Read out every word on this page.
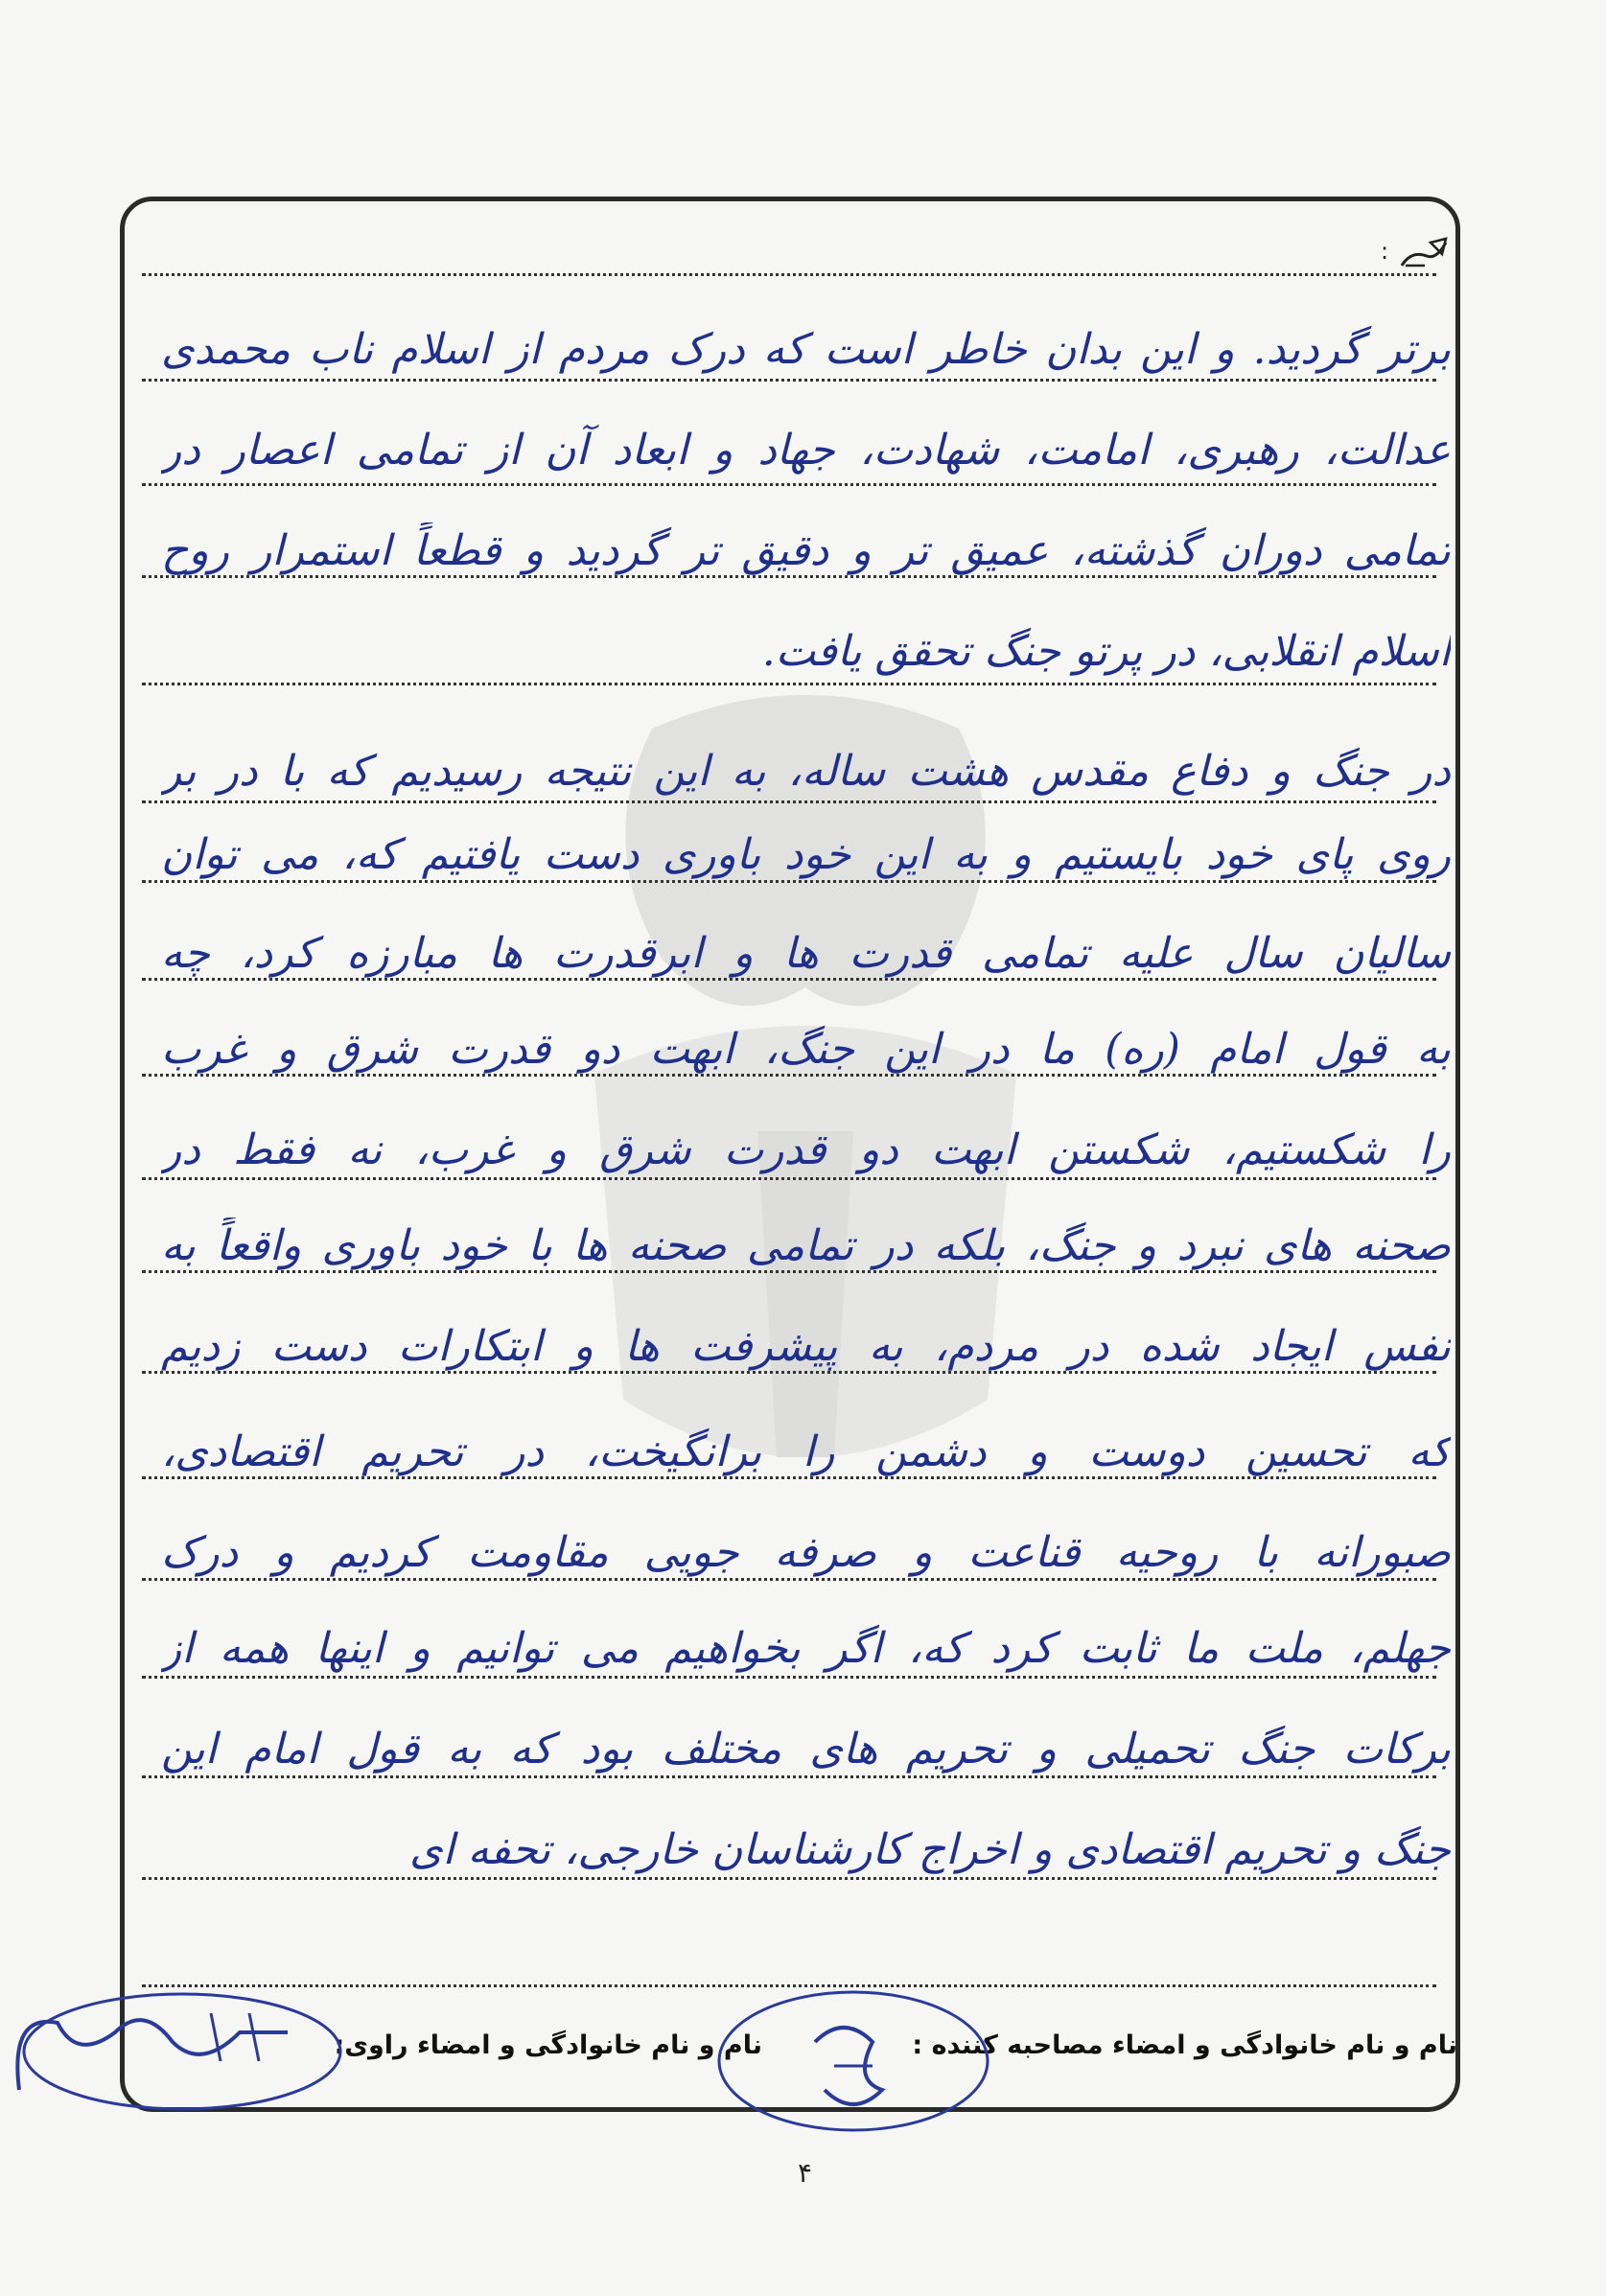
:
برتر گردید. و این بدان خاطر است که درک مردم از اسلام ناب محمدی
عدالت، رهبری، امامت، شهادت، جهاد و ابعاد آن از تمامی اعصار در
تمامی دوران گذشته، عمیق تر و دقیق تر گردید و قطعاً استمرار روح
اسلام انقلابی، در پرتو جنگ تحقق یافت.
در جنگ و دفاع مقدس هشت ساله، به این نتیجه رسیدیم که با در بر
روی پای خود بایستیم و به این خود باوری دست یافتیم که، می توان
سالیان سال علیه تمامی قدرت ها و ابرقدرت ها مبارزه کرد، چه
به قول امام (ره) ما در این جنگ، ابهت دو قدرت شرق و غرب
را شکستیم، شکستن ابهت دو قدرت شرق و غرب، نه فقط در
صحنه های نبرد و جنگ، بلکه در تمامی صحنه ها با خود باوری واقعاً به
نفس ایجاد شده در مردم، به پیشرفت ها و ابتکارات دست زدیم
که تحسین دوست و دشمن را برانگیخت، در تحریم اقتصادی،
صبورانه با روحیه قناعت و صرفه جویی مقاومت کردیم و درک
جهلم، ملت ما ثابت کرد که، اگر بخواهیم می توانیم و اینها همه از
برکات جنگ تحمیلی و تحریم های مختلف بود که به قول امام این
جنگ و تحریم اقتصادی و اخراج کارشناسان خارجی، تحفه ای
نام و نام خانوادگی و امضاء مصاحبه کننده :
نام و نام خانوادگی و امضاء راوی:
۴
